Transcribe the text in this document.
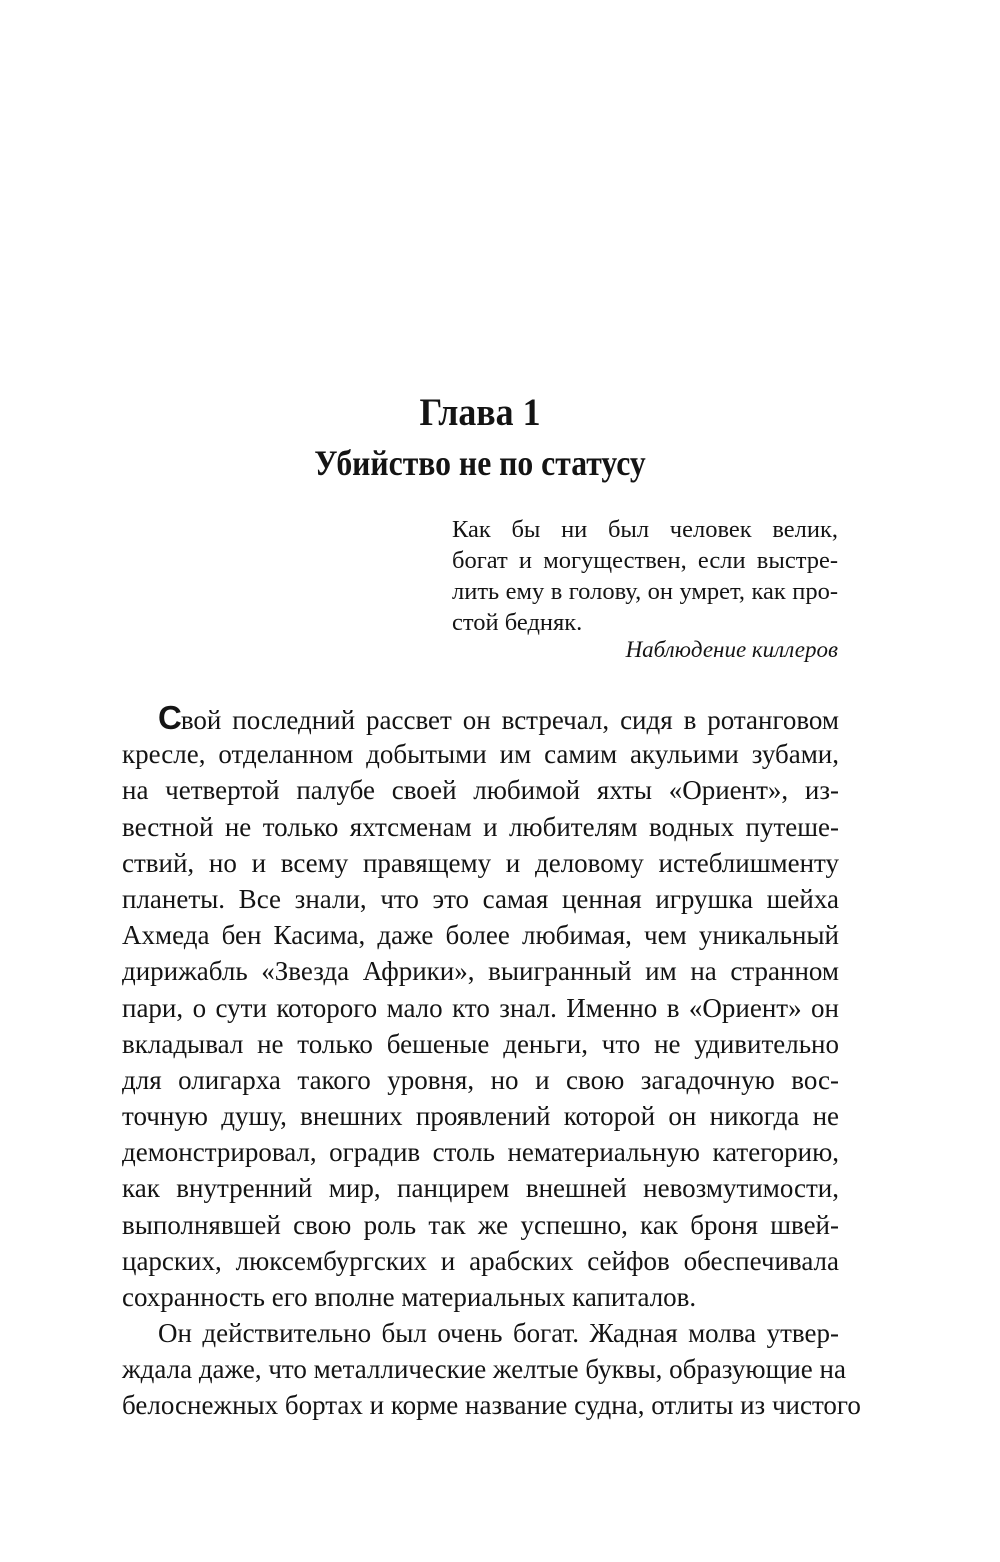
Глава 1
Убийство не по статусу
Как бы ни был человек велик,
богат и могуществен, если выстре-
лить ему в голову, он умрет, как про-
стой бедняк.
Наблюдение киллеров
Свой последний рассвет он встречал, сидя в ротанговом
кресле, отделанном добытыми им самим акульими зубами,
на четвертой палубе своей любимой яхты «Ориент», из-
вестной не только яхтсменам и любителям водных путеше-
ствий, но и всему правящему и деловому истеблишменту
планеты. Все знали, что это самая ценная игрушка шейха
Ахмеда бен Касима, даже более любимая, чем уникальный
дирижабль «Звезда Африки», выигранный им на странном
пари, о сути которого мало кто знал. Именно в «Ориент» он
вкладывал не только бешеные деньги, что не удивительно
для олигарха такого уровня, но и свою загадочную вос-
точную душу, внешних проявлений которой он никогда не
демонстрировал, оградив столь нематериальную категорию,
как внутренний мир, панцирем внешней невозмутимости,
выполнявшей свою роль так же успешно, как броня швей-
царских, люксембургских и арабских сейфов обеспечивала
сохранность его вполне материальных капиталов.
Он действительно был очень богат. Жадная молва утвер-
ждала даже, что металлические желтые буквы, образующие на
белоснежных бортах и корме название судна, отлиты из чистого
